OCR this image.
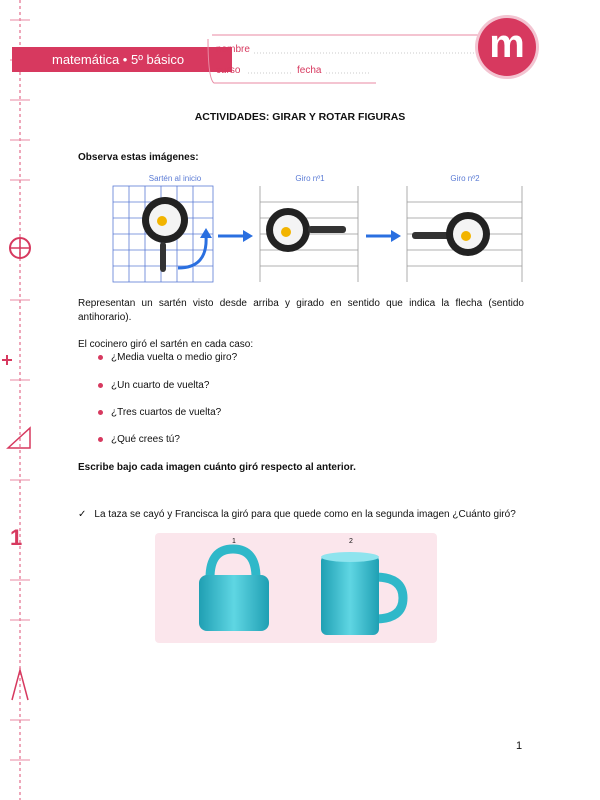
1
matemática • 5º básico
nombre
curso	fecha
m
ACTIVIDADES: GIRAR Y ROTAR FIGURAS
Observa estas imágenes:
Sartén al inicio	Giro nº1	Giro nº2
Representan un sartén visto desde arriba y girado en sentido que indica la flecha (sentido antihorario).
El cocinero giró el sartén en cada caso:
¿Media vuelta o medio giro?
¿Un cuarto de vuelta?
¿Tres cuartos de vuelta?
¿Qué crees tú?
Escribe bajo cada imagen cuánto giró respecto al anterior.
✓ La taza se cayó y Francisca la giró para que quede como en la segunda imagen ¿Cuánto giró?
1	2
1
